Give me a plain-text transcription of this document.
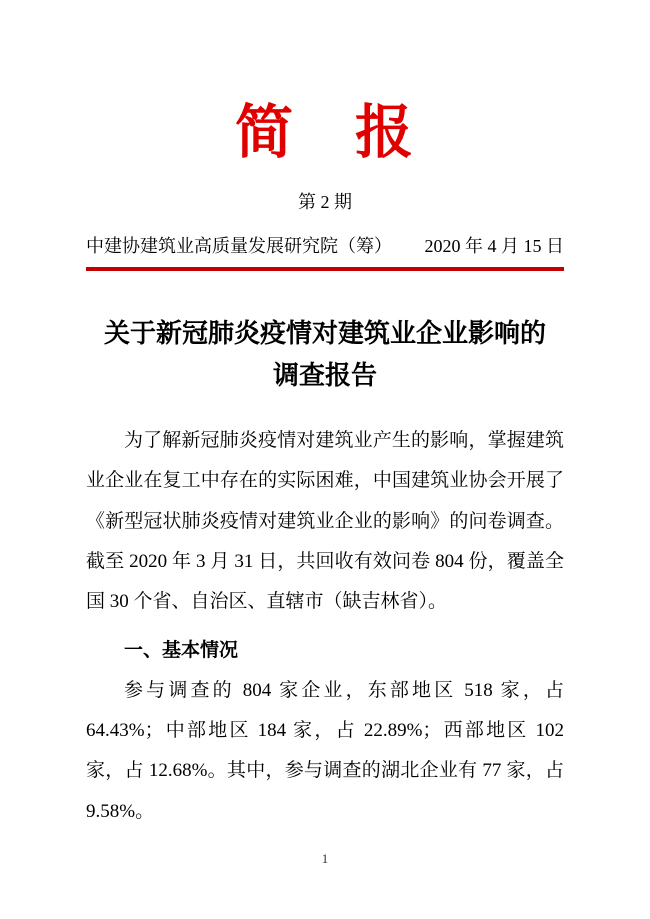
简　报
第 2 期
中建协建筑业高质量发展研究院（筹） 2020 年 4 月 15 日
关于新冠肺炎疫情对建筑业企业影响的
调查报告

为了解新冠肺炎疫情对建筑业产生的影响，掌握建筑业企业在复工中存在的实际困难，中国建筑业协会开展了《新型冠状肺炎疫情对建筑业企业的影响》的问卷调查。截至 2020 年 3 月 31 日，共回收有效问卷 804 份，覆盖全国 30 个省、自治区、直辖市（缺吉林省）。

一、基本情况

参与调查的 804 家企业，东部地区 518 家，占 64.43%；中部地区 184 家，占 22.89%；西部地区 102 家，占 12.68%。其中，参与调查的湖北企业有 77 家，占 9.58%。

1
